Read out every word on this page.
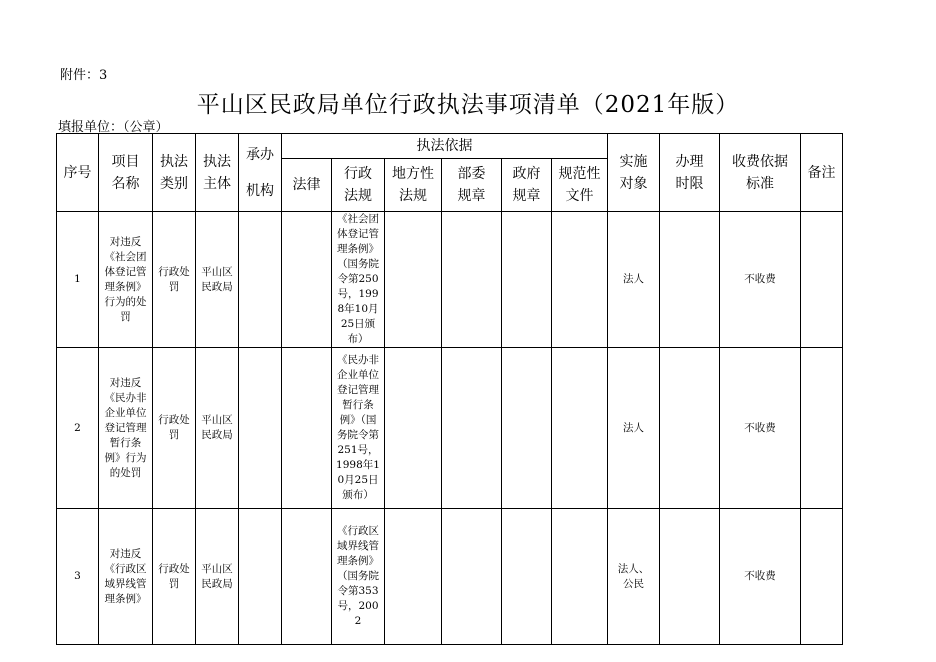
附件：3
平山区民政局单位行政执法事项清单（2021年版）
填报单位：（公章）
序号	项目名称	执法类别	执法主体	承办机构	执法依据						实施对象	办理时限	收费依据标准	备注

					法律	行政法规	地方性法规	部委规章	政府规章	规范性文件				

1	对违反《社会团体登记管理条例》行为的处罚	行政处罚	平山区民政局			《社会团体登记管理条例》（国务院令第250号，1998年10月25日颁布）					法人		不收费	
2	对违反《民办非企业单位登记管理暂行条例》行为的处罚	行政处罚	平山区民政局			《民办非企业单位登记管理暂行条例》（国务院令第251号，1998年10月25日颁布）					法人		不收费	
3	对违反《行政区域界线管理条例》	行政处罚	平山区民政局			《行政区域界线管理条例》（国务院令第353号，2002					法人、公民		不收费	
